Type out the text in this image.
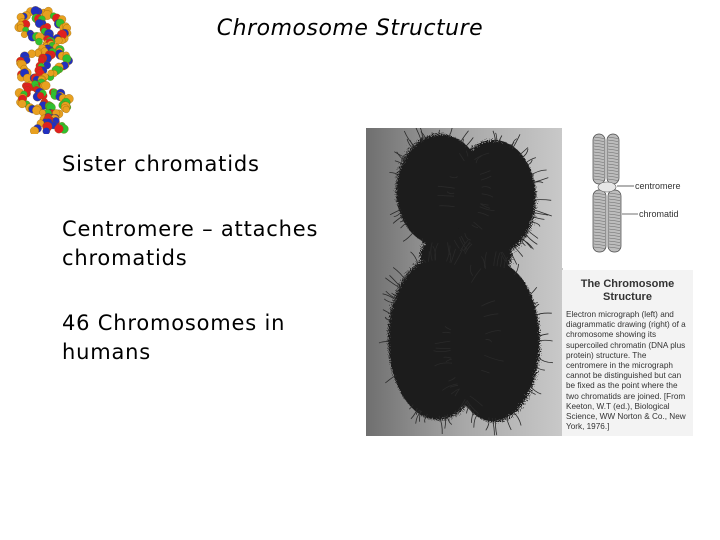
Chromosome Structure
Sister chromatids
Centromere – attaches chromatids
46 Chromosomes in humans
centromere
chromatid
The Chromosome Structure
Electron micrograph (left) and diagrammatic drawing (right) of a chromosome showing its supercoiled chromatin (DNA plus protein) structure. The centromere in the micrograph cannot be distinguished but can be fixed as the point where the two chromatids are joined. [From Keeton, W.T (ed.), Biological Science, WW Norton & Co., New York, 1976.]
